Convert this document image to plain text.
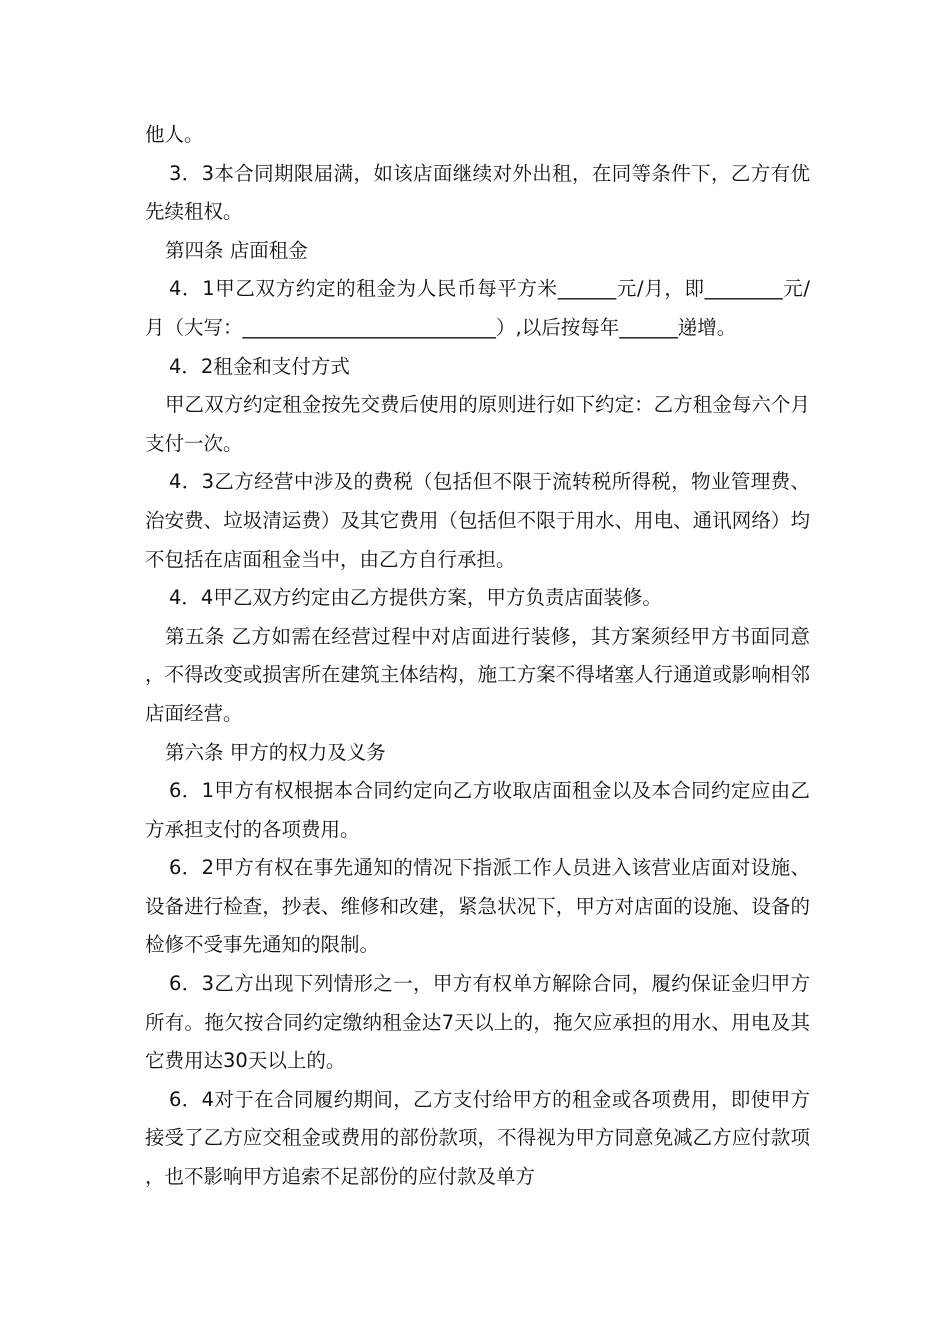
他人。

3．3本合同期限届满，如该店面继续对外出租，在同等条件下，乙方有优先续租权。

第四条 店面租金

4．1甲乙双方约定的租金为人民币每平方米______元/月，即________元/月（大写：__________________________）,以后按每年______递增。

4．2租金和支付方式

甲乙双方约定租金按先交费后使用的原则进行如下约定：乙方租金每六个月支付一次。

4．3乙方经营中涉及的费税（包括但不限于流转税所得税，物业管理费、治安费、垃圾清运费）及其它费用（包括但不限于用水、用电、通讯网络）均不包括在店面租金当中，由乙方自行承担。

4．4甲乙双方约定由乙方提供方案，甲方负责店面装修。

第五条 乙方如需在经营过程中对店面进行装修，其方案须经甲方书面同意，不得改变或损害所在建筑主体结构，施工方案不得堵塞人行通道或影响相邻店面经营。

第六条 甲方的权力及义务

6．1甲方有权根据本合同约定向乙方收取店面租金以及本合同约定应由乙方承担支付的各项费用。

6．2甲方有权在事先通知的情况下指派工作人员进入该营业店面对设施、设备进行检查，抄表、维修和改建，紧急状况下，甲方对店面的设施、设备的检修不受事先通知的限制。

6．3乙方出现下列情形之一，甲方有权单方解除合同，履约保证金归甲方所有。拖欠按合同约定缴纳租金达7天以上的，拖欠应承担的用水、用电及其它费用达30天以上的。

6．4对于在合同履约期间，乙方支付给甲方的租金或各项费用，即使甲方接受了乙方应交租金或费用的部份款项，不得视为甲方同意免减乙方应付款项，也不影响甲方追索不足部份的应付款及单方
